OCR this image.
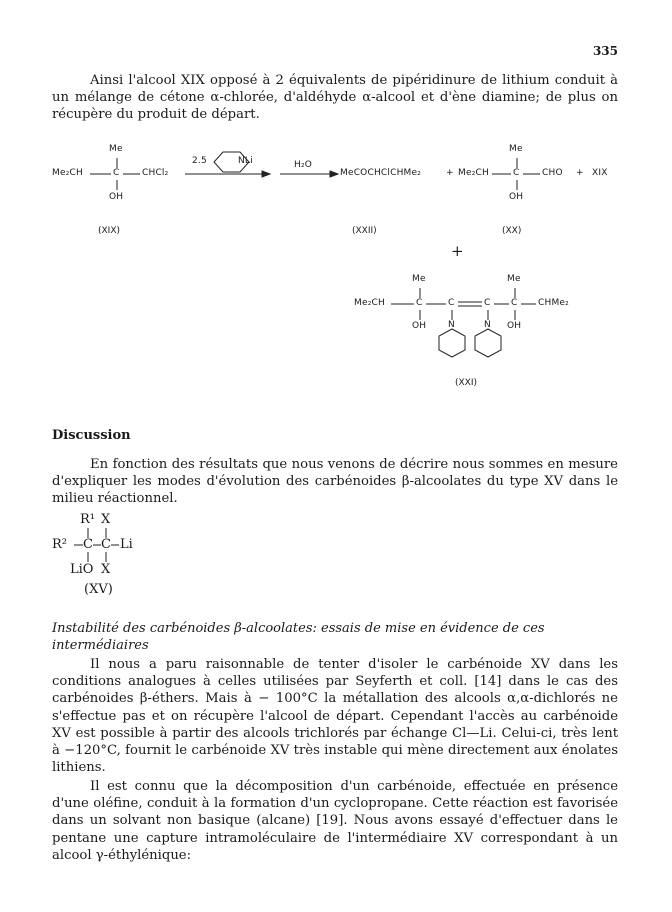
335
Ainsi l'alcool XIX opposé à 2 équivalents de pipéridinure de lithium conduit à un mélange de cétone α-chlorée, d'aldéhyde α-alcool et d'ène diamine; de plus on récupère du produit de départ.
Me
Me₂CH	C	CHCl₂
OH
(XIX)
2.5	NLi	H₂O
MeCOCHClCHMe₂
(XXII)
+
Me
Me₂CH	C	CHO
OH
(XX)
+ XIX
+
Me	Me
Me₂CH	C	C	C C CHMe₂
OH N	N OH
(XXI)
Discussion
En fonction des résultats que nous venons de décrire nous sommes en mesure d'expliquer les modes d'évolution des carbénoides β-alcoolates du type XV dans le milieu réactionnel.
R¹ X
R² C C Li
LiO X
(XV)
Instabilité des carbénoides β-alcoolates: essais de mise en évidence de ces intermédiaires
Il nous a paru raisonnable de tenter d'isoler le carbénoide XV dans les conditions analogues à celles utilisées par Seyferth et coll. [14] dans le cas des carbénoides β-éthers. Mais à − 100°C la métallation des alcools α,α-dichlorés ne s'effectue pas et on récupère l'alcool de départ. Cependant l'accès au carbénoide XV est possible à partir des alcools trichlorés par échange Cl—Li. Celui-ci, très lent à −120°C, fournit le carbénoide XV très instable qui mène directement aux énolates lithiens.
Il est connu que la décomposition d'un carbénoide, effectuée en présence d'une oléfine, conduit à la formation d'un cyclopropane. Cette réaction est favorisée dans un solvant non basique (alcane) [19]. Nous avons essayé d'effectuer dans le pentane une capture intramoléculaire de l'intermédiaire XV correspondant à un alcool γ-éthylénique:
